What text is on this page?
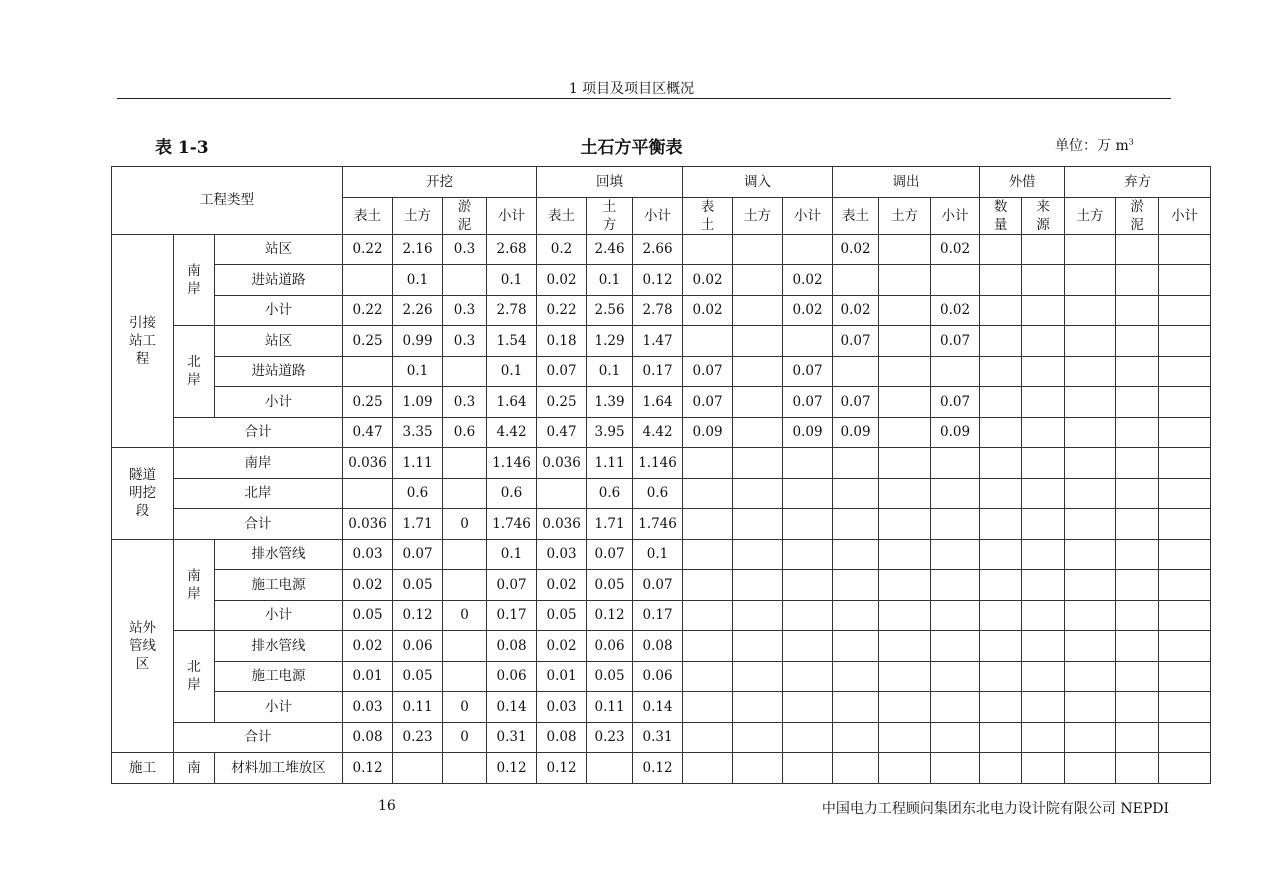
1 项目及项目区概况
表 1-3	土石方平衡表	单位：万 $m^3$
工程类型			开挖				回填			调入			调出			外借		弃方		
			表土	土方	淤泥	小计	表土	土方	小计	表土	土方	小计	表土	土方	小计	数量	来源	土方	淤泥	小计
引接站工程	南岸	站区	0.22	2.16	0.3	2.68	0.2	2.46	2.66				0.02		0.02					
		进站道路		0.1		0.1	0.02	0.1	0.12	0.02		0.02								
		小计	0.22	2.26	0.3	2.78	0.22	2.56	2.78	0.02		0.02	0.02		0.02					
	北岸	站区	0.25	0.99	0.3	1.54	0.18	1.29	1.47				0.07		0.07					
		进站道路		0.1		0.1	0.07	0.1	0.17	0.07		0.07								
		小计	0.25	1.09	0.3	1.64	0.25	1.39	1.64	0.07		0.07	0.07		0.07					
	合计		0.47	3.35	0.6	4.42	0.47	3.95	4.42	0.09		0.09	0.09		0.09					
隧道明挖段	南岸		0.036	1.11		1.146	0.036	1.11	1.146											
	北岸			0.6		0.6		0.6	0.6											
	合计		0.036	1.71	0	1.746	0.036	1.71	1.746											
站外管线区	南岸	排水管线	0.03	0.07		0.1	0.03	0.07	0.1											
		施工电源	0.02	0.05		0.07	0.02	0.05	0.07											
		小计	0.05	0.12	0	0.17	0.05	0.12	0.17											
	北岸	排水管线	0.02	0.06		0.08	0.02	0.06	0.08											
		施工电源	0.01	0.05		0.06	0.01	0.05	0.06											
		小计	0.03	0.11	0	0.14	0.03	0.11	0.14											
	合计		0.08	0.23	0	0.31	0.08	0.23	0.31											
施工	南	材料加工堆放区	0.12			0.12	0.12		0.12											
16	中国电力工程顾问集团东北电力设计院有限公司 NEPDI
